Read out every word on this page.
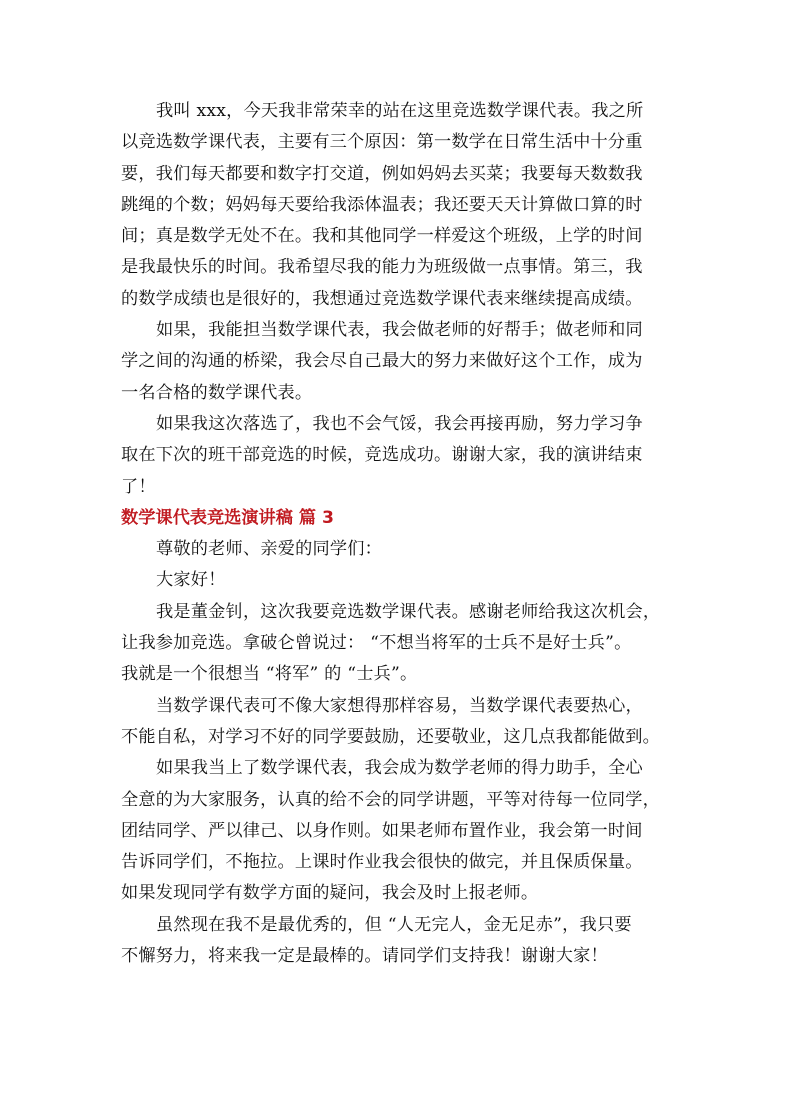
我叫 xxx，今天我非常荣幸的站在这里竞选数学课代表。我之所
以竞选数学课代表，主要有三个原因：第一数学在日常生活中十分重
要，我们每天都要和数字打交道，例如妈妈去买菜；我要每天数数我
跳绳的个数；妈妈每天要给我添体温表；我还要天天计算做口算的时
间；真是数学无处不在。我和其他同学一样爱这个班级，上学的时间
是我最快乐的时间。我希望尽我的能力为班级做一点事情。第三，我
的数学成绩也是很好的，我想通过竞选数学课代表来继续提高成绩。
如果，我能担当数学课代表，我会做老师的好帮手；做老师和同
学之间的沟通的桥梁，我会尽自己最大的努力来做好这个工作，成为
一名合格的数学课代表。
如果我这次落选了，我也不会气馁，我会再接再励，努力学习争
取在下次的班干部竞选的时候，竞选成功。谢谢大家，我的演讲结束
了！
数学课代表竞选演讲稿 篇 3
尊敬的老师、亲爱的同学们：
大家好！
我是董金钊，这次我要竞选数学课代表。感谢老师给我这次机会，
让我参加竞选。拿破仑曾说过： “不想当将军的士兵不是好士兵”。
我就是一个很想当 “将军” 的 “士兵”。
当数学课代表可不像大家想得那样容易，当数学课代表要热心，
不能自私，对学习不好的同学要鼓励，还要敬业，这几点我都能做到。
如果我当上了数学课代表，我会成为数学老师的得力助手，全心
全意的为大家服务，认真的给不会的同学讲题，平等对待每一位同学，
团结同学、严以律己、以身作则。如果老师布置作业，我会第一时间
告诉同学们，不拖拉。上课时作业我会很快的做完，并且保质保量。
如果发现同学有数学方面的疑问，我会及时上报老师。
虽然现在我不是最优秀的，但 “人无完人，金无足赤”，我只要
不懈努力，将来我一定是最棒的。请同学们支持我！谢谢大家！
